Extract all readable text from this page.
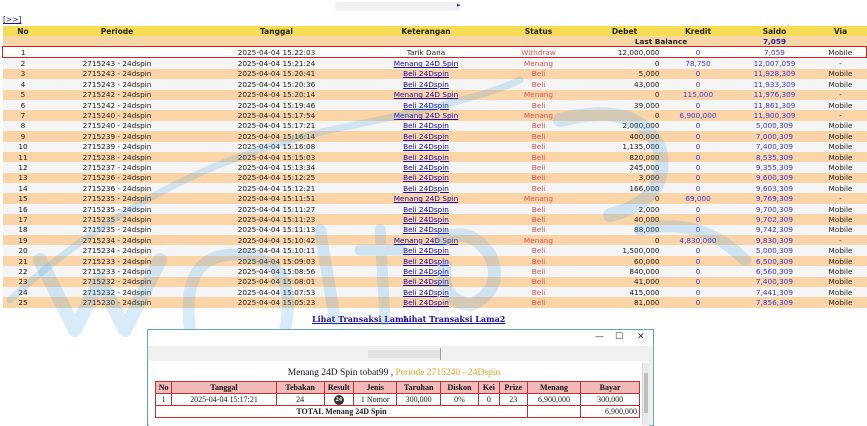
▸
[>>]
No	Periode	Tanggal	Keterangan	Status	Debet	Kredit	Saldo	Via
					Last Balance		7,059	
1		2025-04-04 15:22:03	Tarik Dana	Withdraw	12,000,000	0	7,059	Mobile
2	2715243 - 24dspin	2025-04-04 15:21:24	Menang 24D Spin	Menang	0	78,750	12,007,059	-
3	2715243 - 24dspin	2025-04-04 15:20:41	Beli 24Dspin	Beli	5,000	0	11,928,309	Mobile
4	2715243 - 24dspin	2025-04-04 15:20:36	Beli 24Dspin	Beli	43,000	0	11,933,309	Mobile
5	2715242 - 24dspin	2025-04-04 15:20:14	Menang 24D Spin	Menang	0	115,000	11,976,309	-
6	2715242 - 24dspin	2025-04-04 15:19:46	Beli 24Dspin	Beli	39,000	0	11,861,309	Mobile
7	2715240 - 24dspin	2025-04-04 15:17:54	Menang 24D Spin	Menang	0	6,900,000	11,900,309	-
8	2715240 - 24dspin	2025-04-04 15:17:21	Beli 24Dspin	Beli	2,000,000	0	5,000,309	Mobile
9	2715239 - 24dspin	2025-04-04 15:16:14	Beli 24Dspin	Beli	400,000	0	7,000,309	Mobile
10	2715239 - 24dspin	2025-04-04 15:16:08	Beli 24Dspin	Beli	1,135,000	0	7,400,309	Mobile
11	2715238 - 24dspin	2025-04-04 15:15:03	Beli 24Dspin	Beli	820,000	0	8,535,309	Mobile
12	2715237 - 24dspin	2025-04-04 15:13:34	Beli 24Dspin	Beli	245,000	0	9,355,309	Mobile
13	2715236 - 24dspin	2025-04-04 15:12:25	Beli 24Dspin	Beli	3,000	0	9,600,309	Mobile
14	2715236 - 24dspin	2025-04-04 15:12:21	Beli 24Dspin	Beli	166,000	0	9,603,309	Mobile
15	2715235 - 24dspin	2025-04-04 15:11:51	Menang 24D Spin	Menang	0	69,000	9,769,309	-
16	2715235 - 24dspin	2025-04-04 15:11:27	Beli 24Dspin	Beli	2,000	0	9,700,309	Mobile
17	2715235 - 24dspin	2025-04-04 15:11:23	Beli 24Dspin	Beli	40,000	0	9,702,309	Mobile
18	2715235 - 24dspin	2025-04-04 15:11:13	Beli 24Dspin	Beli	88,000	0	9,742,309	Mobile
19	2715234 - 24dspin	2025-04-04 15:10:42	Menang 24D Spin	Menang	0	4,830,000	9,830,309	-
20	2715234 - 24dspin	2025-04-04 15:10:11	Beli 24Dspin	Beli	1,500,000	0	5,000,309	Mobile
21	2715233 - 24dspin	2025-04-04 15:09:03	Beli 24Dspin	Beli	60,000	0	6,500,309	Mobile
22	2715233 - 24dspin	2025-04-04 15:08:56	Beli 24Dspin	Beli	840,000	0	6,560,309	Mobile
23	2715232 - 24dspin	2025-04-04 15:08:01	Beli 24Dspin	Beli	41,000	0	7,400,309	Mobile
24	2715232 - 24dspin	2025-04-04 15:07:53	Beli 24Dspin	Beli	415,000	0	7,441,309	Mobile
25	2715230 - 24dspin	2025-04-04 15:05:23	Beli 24Dspin	Beli	81,000	0	7,856,309	Mobile
Lihat Transaksi Lama
Lihat Transaksi Lama2
— ☐ ✕
Menang 24D Spin tobat99 , Periode 2715240 - 24Dspin
No	Tanggal	Tebakan	Result	Jenis	Taruhan	Diskon	Kei	Prize	Menang	Bayar
1	2025-04-04 15:17:21	24	24	1 Nomor	300,000	0%	0	23	6,900,000	300,000
TOTAL Menang 24D Spin										6,900,000
